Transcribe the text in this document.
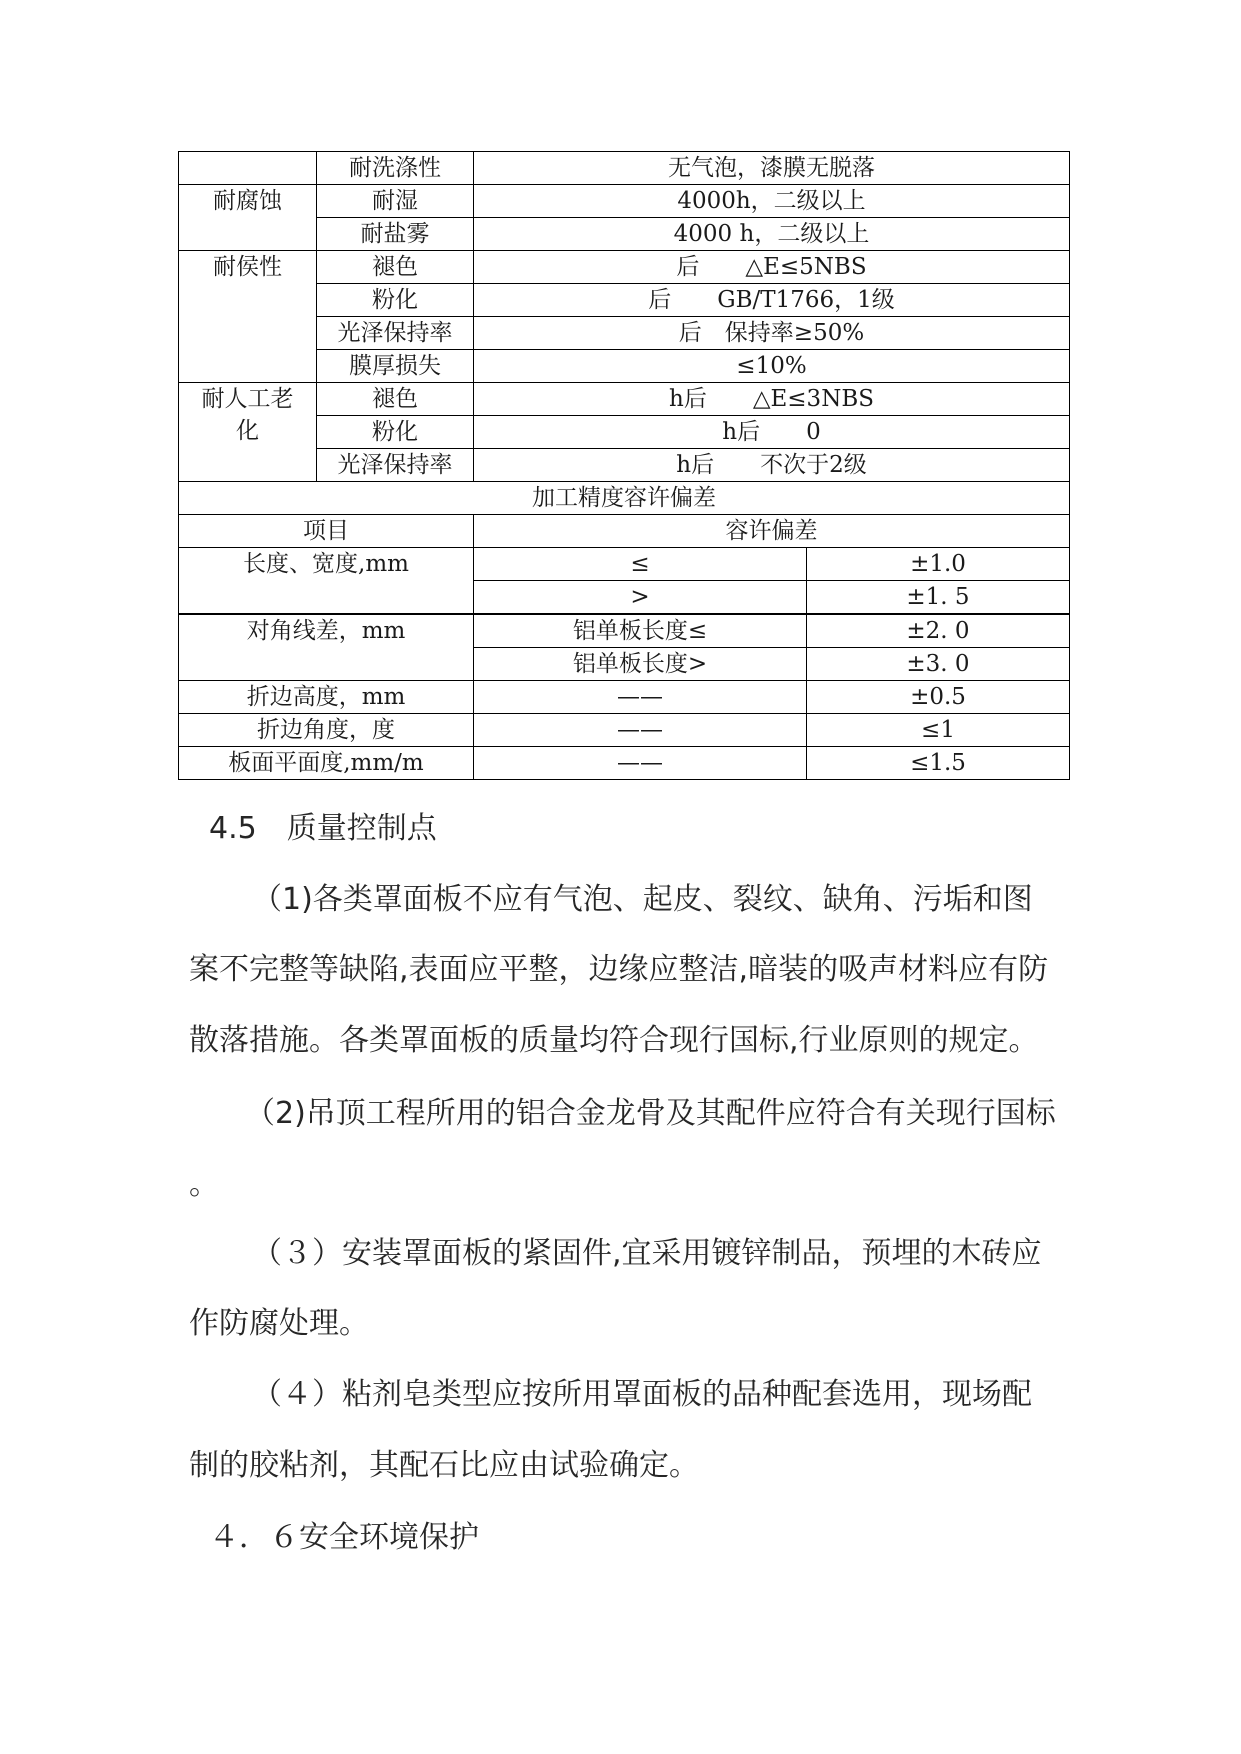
	耐洗涤性	无气泡，漆膜无脱落	
耐腐蚀	耐湿	4000h，二级以上	
	耐盐雾	4000 h，二级以上	
耐侯性	褪色	后　　△E≤5NBS	
	粉化	后　　GB/T1766，1级	
	光泽保持率	后　保持率≥50%	
	膜厚损失	≤10%	

耐人工老化	褪色	h后　　△E≤3NBS	
	粉化	h后　　0	
	光泽保持率	h后　　不次于2级	
加工精度容许偏差			
项目		容许偏差	
长度、宽度,mm		≤	±1.0
		>	±1. 5
对角线差，mm		铝单板长度≤	±2. 0
		铝单板长度>	±3. 0
折边高度，mm		——	±0.5
折边角度，度		——	≤1
板面平面度,mm/m		——	≤1.5
4.5　质量控制点
（1)各类罩面板不应有气泡、起皮、裂纹、缺角、污垢和图
案不完整等缺陷,表面应平整，边缘应整洁,暗装的吸声材料应有防
散落措施。各类罩面板的质量均符合现行国标,行业原则的规定。
（2)吊顶工程所用的铝合金龙骨及其配件应符合有关现行国标
。
（３）安装罩面板的紧固件,宜采用镀锌制品，预埋的木砖应
作防腐处理。
（４）粘剂皂类型应按所用罩面板的品种配套选用，现场配
制的胶粘剂，其配石比应由试验确定。
４．６安全环境保护
